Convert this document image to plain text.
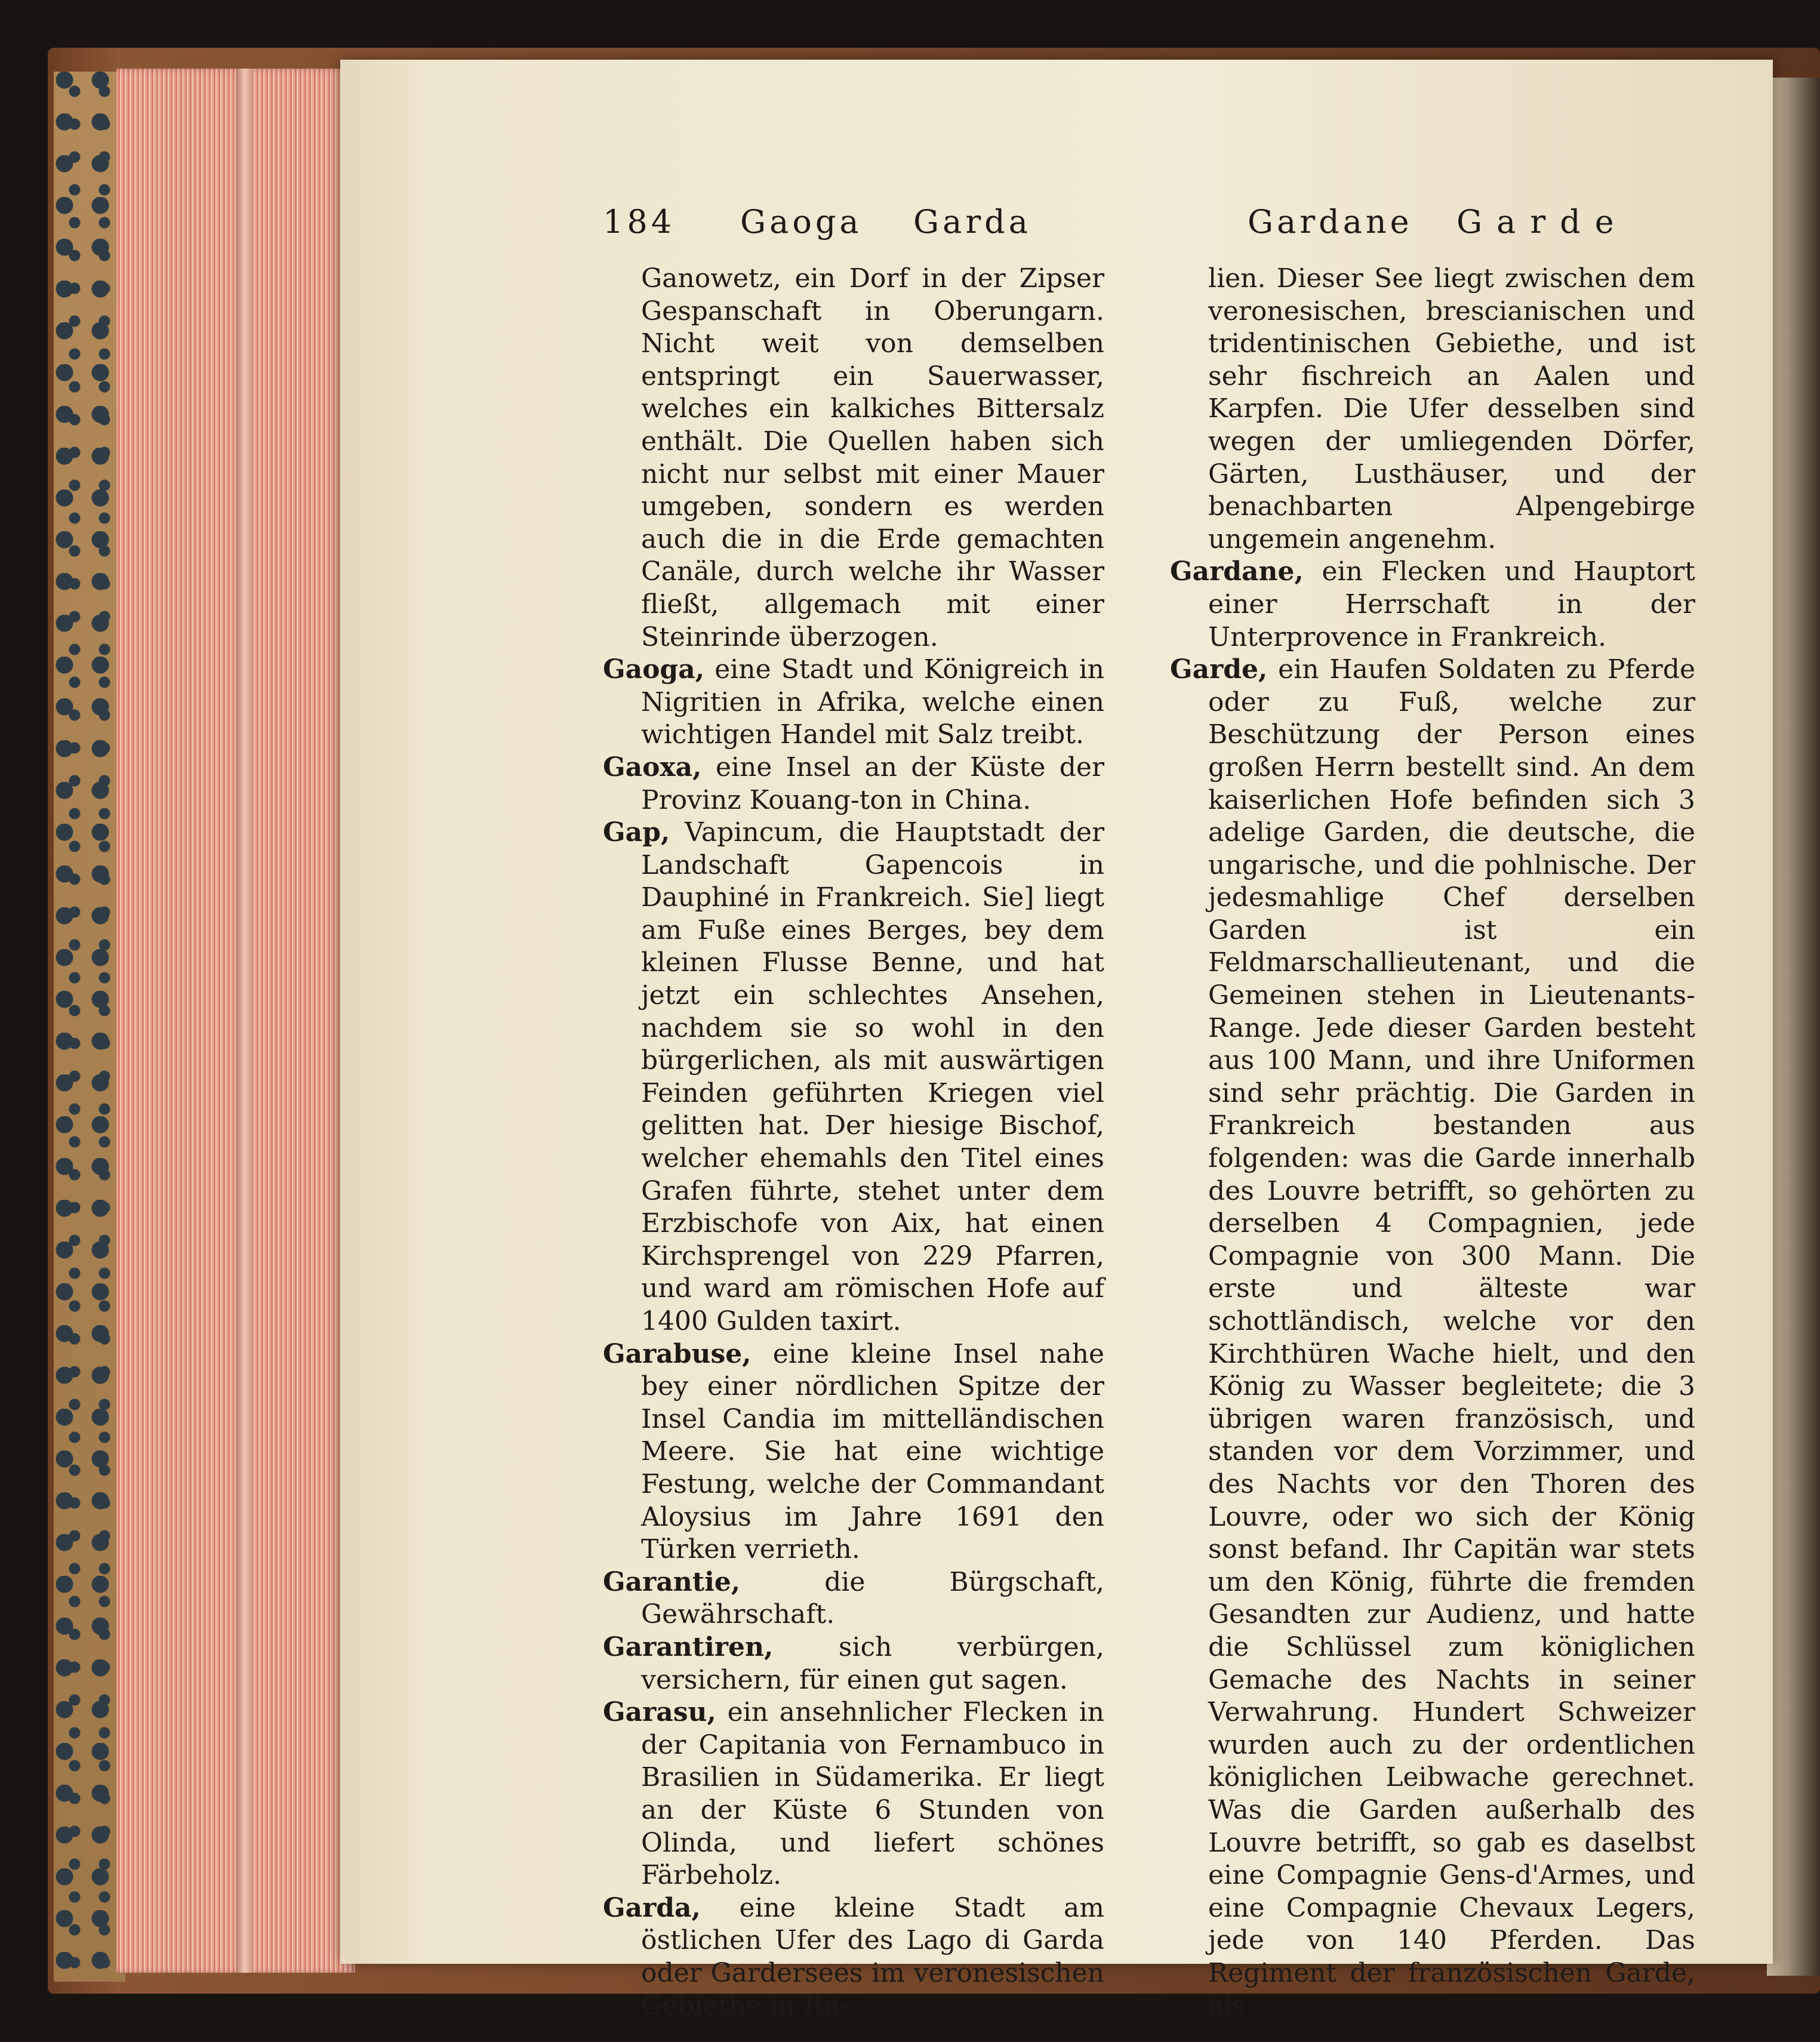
184 Gaoga Garda	Gardane Garde

Ganowetz, ein Dorf in der Zipser Gespanschaft in Oberungarn. Nicht weit von demselben entspringt ein Sauerwasser, welches ein kalkiches Bittersalz enthält. Die Quellen haben sich nicht nur selbst mit einer Mauer umgeben, sondern es werden auch die in die Erde gemachten Canäle, durch welche ihr Wasser fließt, allgemach mit einer Steinrinde überzogen.

Gaoga, eine Stadt und Königreich in Nigritien in Afrika, welche einen wichtigen Handel mit Salz treibt.

Gaoxa, eine Insel an der Küste der Provinz Kouang-ton in China.

Gap, Vapincum, die Hauptstadt der Landschaft Gapencois in Dauphiné in Frankreich. Sie] liegt am Fuße eines Berges, bey dem kleinen Flusse Benne, und hat jetzt ein schlechtes Ansehen, nachdem sie so wohl in den bürgerlichen, als mit auswärtigen Feinden geführten Kriegen viel gelitten hat. Der hiesige Bischof, welcher ehemahls den Titel eines Grafen führte, stehet unter dem Erzbischofe von Aix, hat einen Kirchsprengel von 229 Pfarren, und ward am römischen Hofe auf 1400 Gulden taxirt.

Garabuse, eine kleine Insel nahe bey einer nördlichen Spitze der Insel Candia im mittelländischen Meere. Sie hat eine wichtige Festung, welche der Commandant Aloysius im Jahre 1691 den Türken verrieth.

Garantie, die Bürgschaft, Gewährschaft.

Garantiren, sich verbürgen, versichern, für einen gut sagen.

Garasu, ein ansehnlicher Flecken in der Capitania von Fernambuco in Brasilien in Südamerika. Er liegt an der Küste 6 Stunden von Olinda, und liefert schönes Färbeholz.

Garda, eine kleine Stadt am östlichen Ufer des Lago di Garda oder Gardersees im veronesischen Gebiethe in Ita-

lien. Dieser See liegt zwischen dem veronesischen, brescianischen und tridentinischen Gebiethe, und ist sehr fischreich an Aalen und Karpfen. Die Ufer desselben sind wegen der umliegenden Dörfer, Gärten, Lusthäuser, und der benachbarten Alpengebirge ungemein angenehm.

Gardane, ein Flecken und Hauptort einer Herrschaft in der Unterprovence in Frankreich.

Garde, ein Haufen Soldaten zu Pferde oder zu Fuß, welche zur Beschützung der Person eines großen Herrn bestellt sind. An dem kaiserlichen Hofe befinden sich 3 adelige Garden, die deutsche, die ungarische, und die pohlnische. Der jedesmahlige Chef derselben Garden ist ein Feldmarschallieutenant, und die Gemeinen stehen in Lieutenants-Range. Jede dieser Garden besteht aus 100 Mann, und ihre Uniformen sind sehr prächtig. Die Garden in Frankreich bestanden aus folgenden: was die Garde innerhalb des Louvre betrifft, so gehörten zu derselben 4 Compagnien, jede Compagnie von 300 Mann. Die erste und älteste war schottländisch, welche vor den Kirchthüren Wache hielt, und den König zu Wasser begleitete; die 3 übrigen waren französisch, und standen vor dem Vorzimmer, und des Nachts vor den Thoren des Louvre, oder wo sich der König sonst befand. Ihr Capitän war stets um den König, führte die fremden Gesandten zur Audienz, und hatte die Schlüssel zum königlichen Gemache des Nachts in seiner Verwahrung. Hundert Schweizer wurden auch zu der ordentlichen königlichen Leibwache gerechnet. Was die Garden außerhalb des Louvre betrifft, so gab es daselbst eine Compagnie Gens-d'Armes, und eine Compagnie Chevaux Legers, jede von 140 Pferden. Das Regiment der französischen Garde, als
